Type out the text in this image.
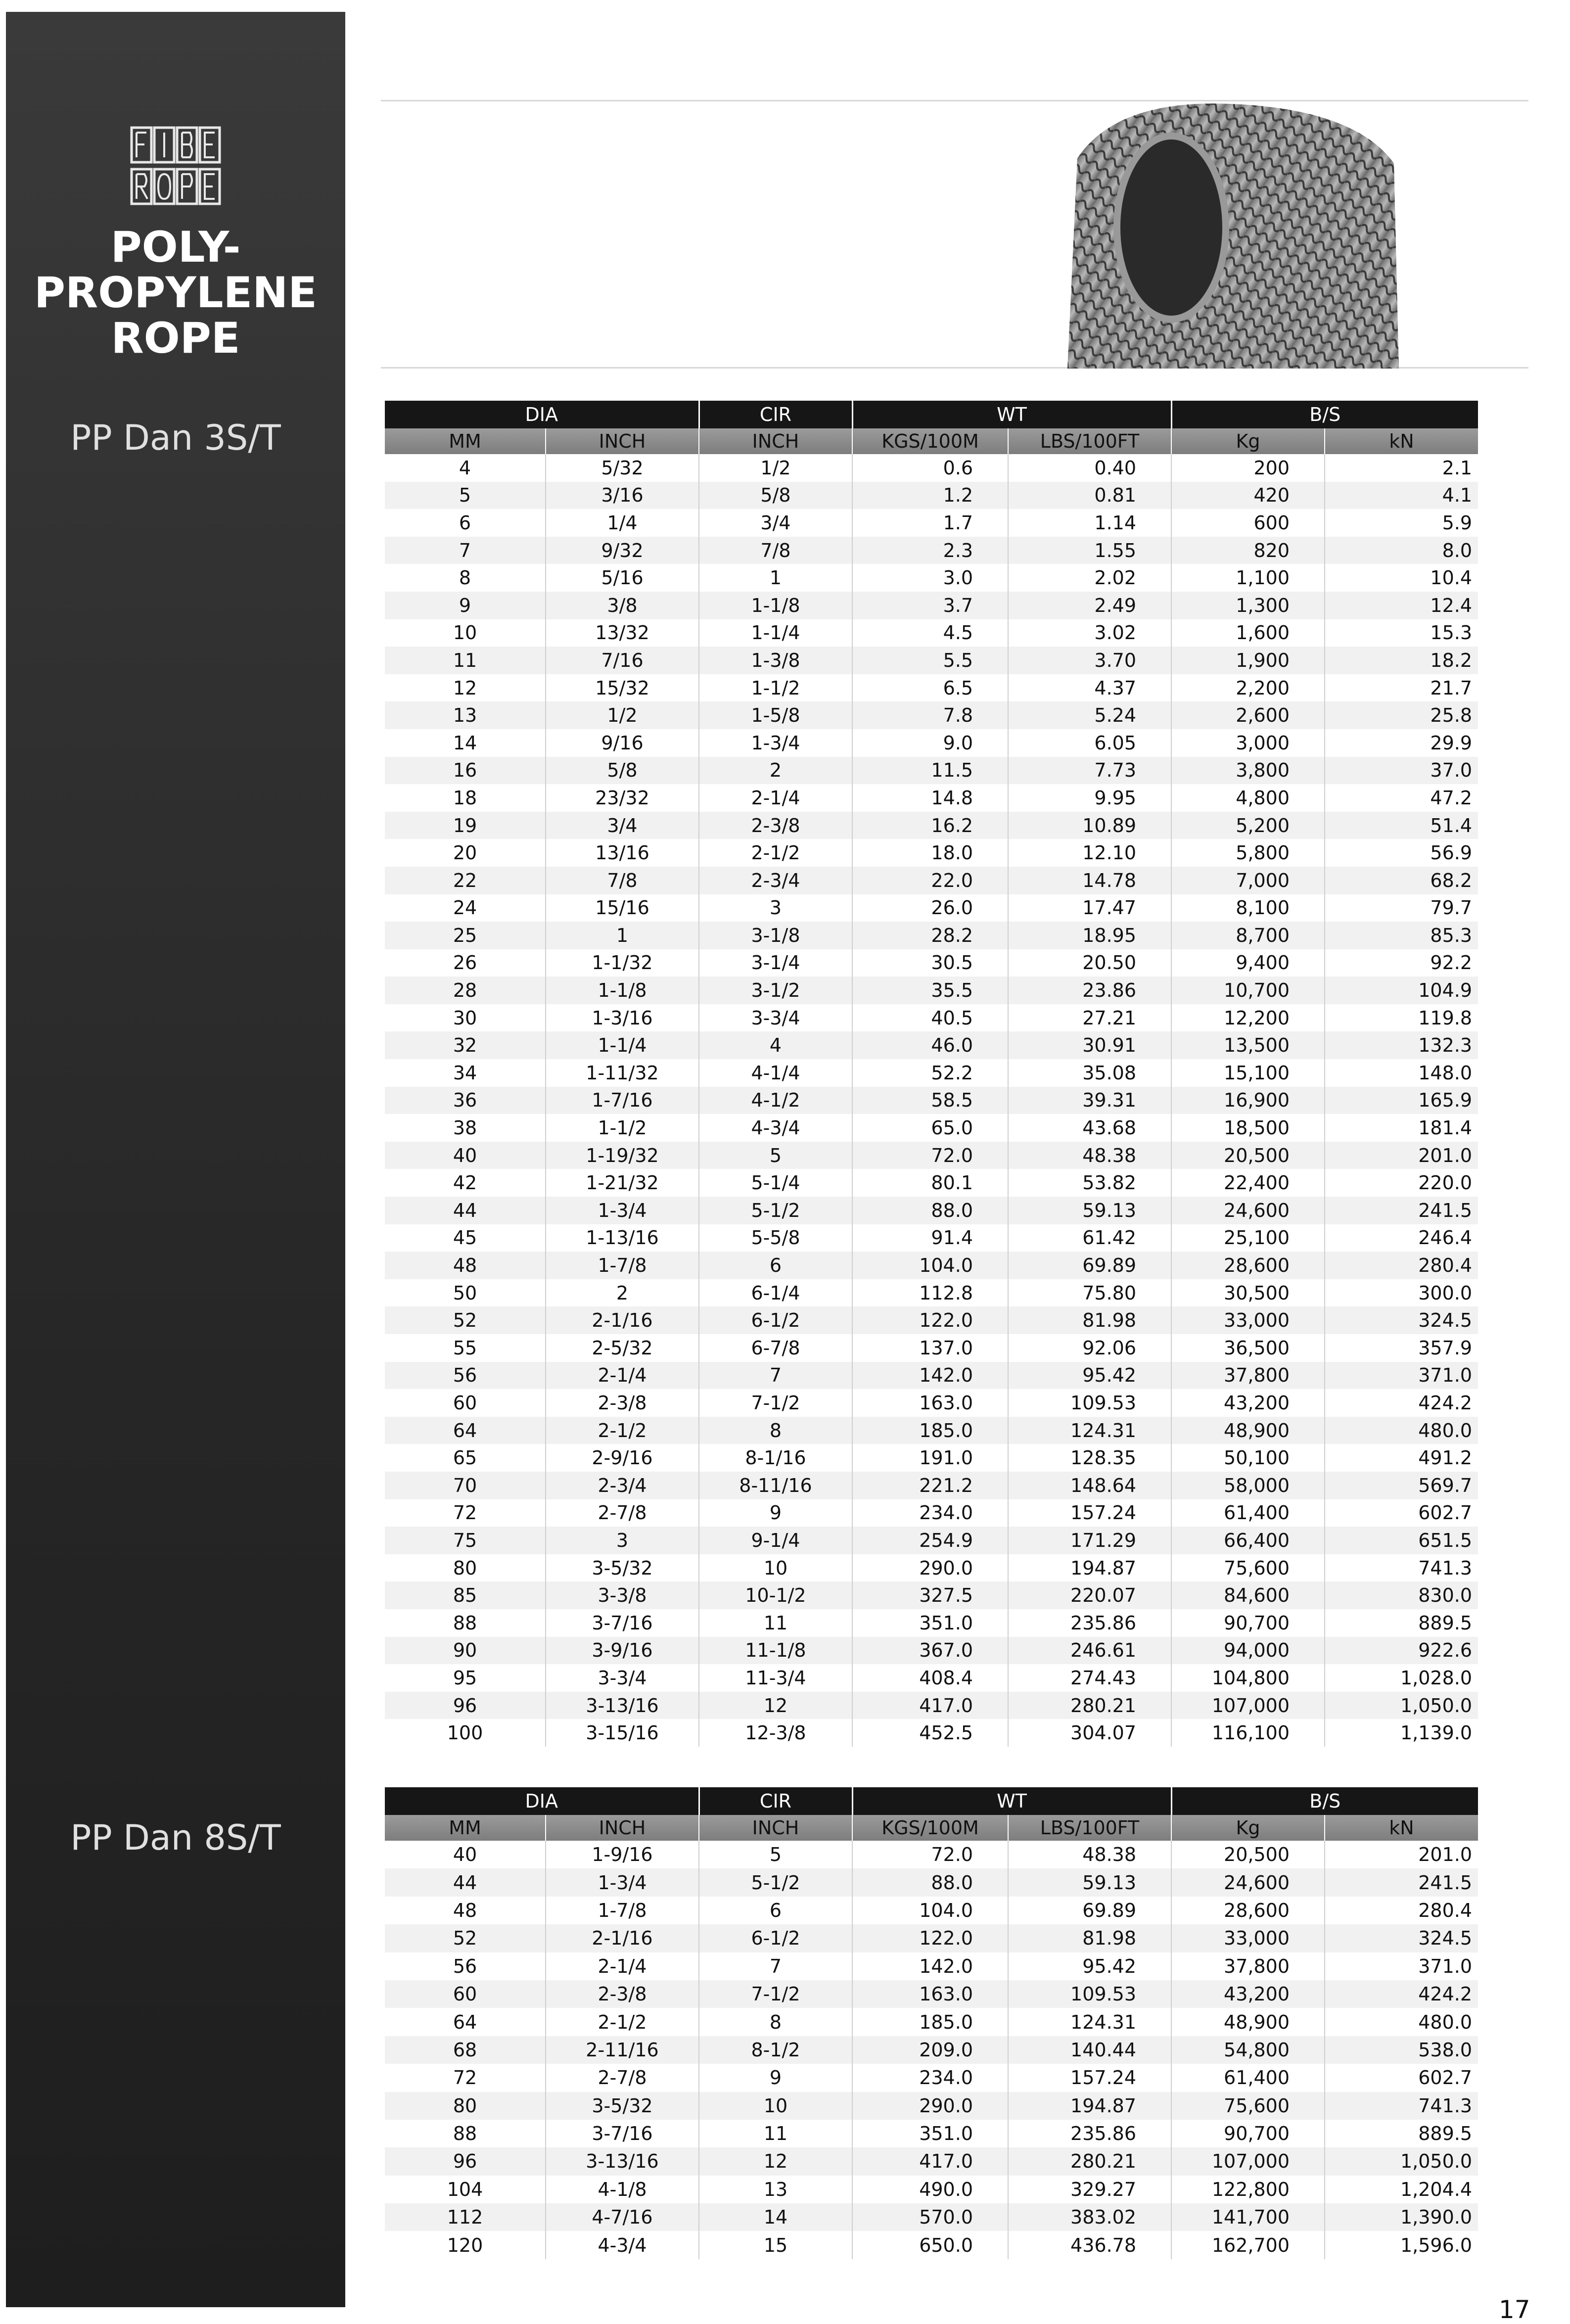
POLY-
PROPYLENE
ROPE
PP Dan 3S/T
PP Dan 8S/T
DIA		CIR	WT		B/S	
MM	INCH	INCH	KGS/100M	LBS/100FT	Kg	kN
4	5/32	1/2	0.6	0.40	200	2.1
5	3/16	5/8	1.2	0.81	420	4.1
6	1/4	3/4	1.7	1.14	600	5.9
7	9/32	7/8	2.3	1.55	820	8.0
8	5/16	1	3.0	2.02	1,100	10.4
9	3/8	1-1/8	3.7	2.49	1,300	12.4
10	13/32	1-1/4	4.5	3.02	1,600	15.3
11	7/16	1-3/8	5.5	3.70	1,900	18.2
12	15/32	1-1/2	6.5	4.37	2,200	21.7
13	1/2	1-5/8	7.8	5.24	2,600	25.8
14	9/16	1-3/4	9.0	6.05	3,000	29.9
16	5/8	2	11.5	7.73	3,800	37.0
18	23/32	2-1/4	14.8	9.95	4,800	47.2
19	3/4	2-3/8	16.2	10.89	5,200	51.4
20	13/16	2-1/2	18.0	12.10	5,800	56.9
22	7/8	2-3/4	22.0	14.78	7,000	68.2
24	15/16	3	26.0	17.47	8,100	79.7
25	1	3-1/8	28.2	18.95	8,700	85.3
26	1-1/32	3-1/4	30.5	20.50	9,400	92.2
28	1-1/8	3-1/2	35.5	23.86	10,700	104.9
30	1-3/16	3-3/4	40.5	27.21	12,200	119.8
32	1-1/4	4	46.0	30.91	13,500	132.3
34	1-11/32	4-1/4	52.2	35.08	15,100	148.0
36	1-7/16	4-1/2	58.5	39.31	16,900	165.9
38	1-1/2	4-3/4	65.0	43.68	18,500	181.4
40	1-19/32	5	72.0	48.38	20,500	201.0
42	1-21/32	5-1/4	80.1	53.82	22,400	220.0
44	1-3/4	5-1/2	88.0	59.13	24,600	241.5
45	1-13/16	5-5/8	91.4	61.42	25,100	246.4
48	1-7/8	6	104.0	69.89	28,600	280.4
50	2	6-1/4	112.8	75.80	30,500	300.0
52	2-1/16	6-1/2	122.0	81.98	33,000	324.5
55	2-5/32	6-7/8	137.0	92.06	36,500	357.9
56	2-1/4	7	142.0	95.42	37,800	371.0
60	2-3/8	7-1/2	163.0	109.53	43,200	424.2
64	2-1/2	8	185.0	124.31	48,900	480.0
65	2-9/16	8-1/16	191.0	128.35	50,100	491.2
70	2-3/4	8-11/16	221.2	148.64	58,000	569.7
72	2-7/8	9	234.0	157.24	61,400	602.7
75	3	9-1/4	254.9	171.29	66,400	651.5
80	3-5/32	10	290.0	194.87	75,600	741.3
85	3-3/8	10-1/2	327.5	220.07	84,600	830.0
88	3-7/16	11	351.0	235.86	90,700	889.5
90	3-9/16	11-1/8	367.0	246.61	94,000	922.6
95	3-3/4	11-3/4	408.4	274.43	104,800	1,028.0
96	3-13/16	12	417.0	280.21	107,000	1,050.0
100	3-15/16	12-3/8	452.5	304.07	116,100	1,139.0
DIA		CIR	WT		B/S	
MM	INCH	INCH	KGS/100M	LBS/100FT	Kg	kN
40	1-9/16	5	72.0	48.38	20,500	201.0
44	1-3/4	5-1/2	88.0	59.13	24,600	241.5
48	1-7/8	6	104.0	69.89	28,600	280.4
52	2-1/16	6-1/2	122.0	81.98	33,000	324.5
56	2-1/4	7	142.0	95.42	37,800	371.0
60	2-3/8	7-1/2	163.0	109.53	43,200	424.2
64	2-1/2	8	185.0	124.31	48,900	480.0
68	2-11/16	8-1/2	209.0	140.44	54,800	538.0
72	2-7/8	9	234.0	157.24	61,400	602.7
80	3-5/32	10	290.0	194.87	75,600	741.3
88	3-7/16	11	351.0	235.86	90,700	889.5
96	3-13/16	12	417.0	280.21	107,000	1,050.0
104	4-1/8	13	490.0	329.27	122,800	1,204.4
112	4-7/16	14	570.0	383.02	141,700	1,390.0
120	4-3/4	15	650.0	436.78	162,700	1,596.0
17
